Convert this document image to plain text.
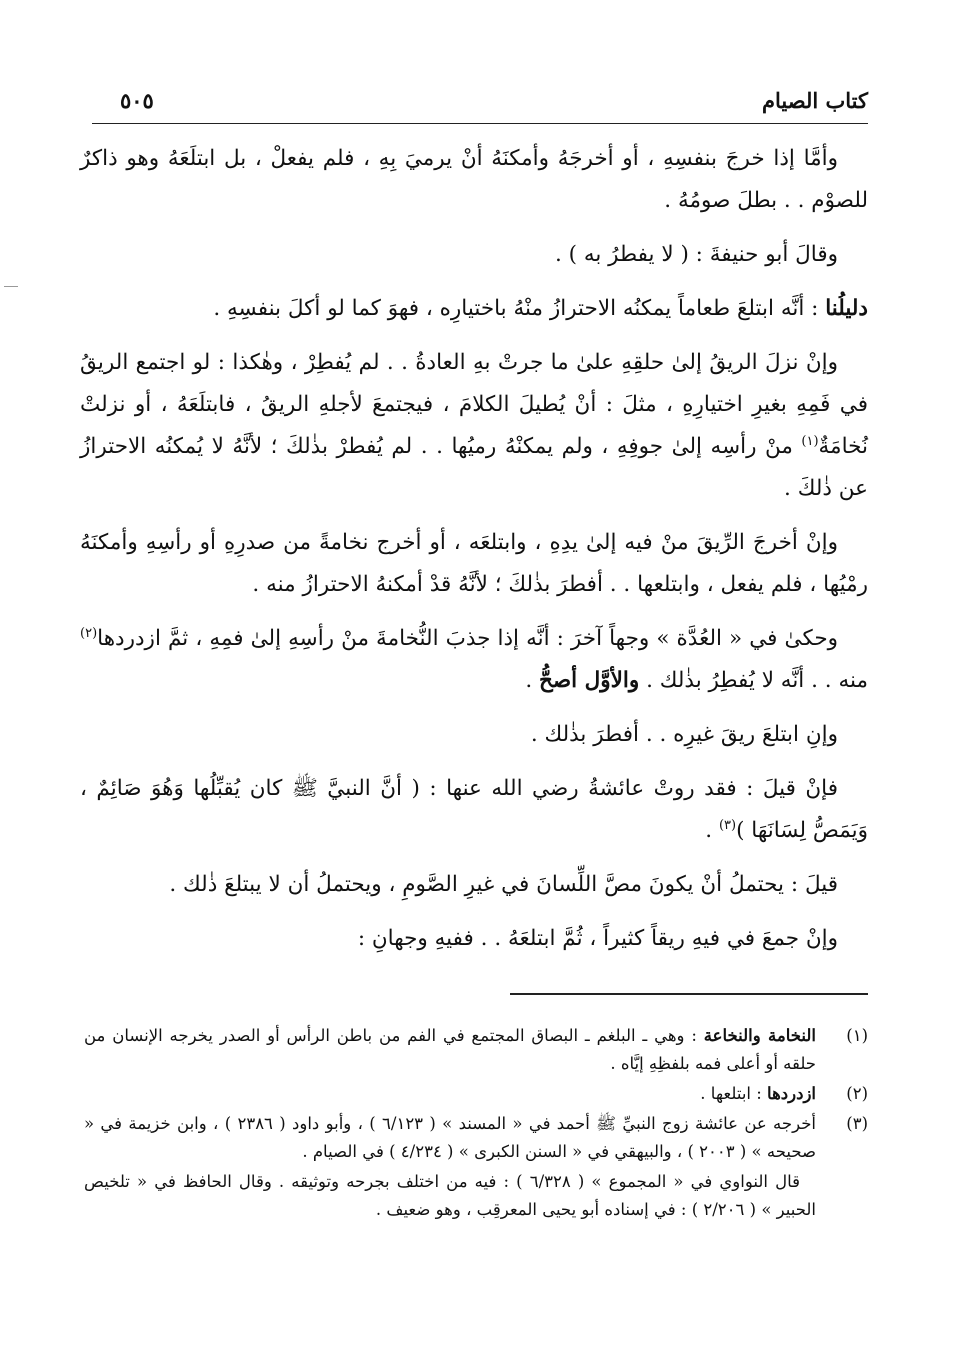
كتاب الصيام
٥٠٥

وأمَّا إذا خرجَ بنفسِهِ ، أو أخرجَهُ وأمكنَهُ أنْ يرميَ بِهِ ، فلم يفعلْ ، بل ابتلَعَهُ وهو ذاكرٌ للصوْم . . بطلَ صومُهُ .

وقالَ أبو حنيفةَ : ( لا يفطرُ به ) .

دليلُنا : أنَّه ابتلعَ طعاماً يمكنُه الاحترازُ منْهُ باختيارِه ، فهوَ كما لو أكلَ بنفسِهِ .

وإنْ نزلَ الريقُ إلىٰ حلقِهِ علىٰ ما جرتْ بهِ العادةُ . . لم يُفطِرْ ، وهٰكذا : لو اجتمع الريقُ في فَمِهِ بغيرِ اختيارِهِ ، مثلَ : أنْ يُطيلَ الكلامَ ، فيجتمعَ لأجلهِ الريقُ ، فابتلَعَهُ ، أو نزلتْ نُخامَةٌ$^{(١)}$ منْ رأسِه إلىٰ جوفِهِ ، ولم يمكنْهُ رميُها . . لم يُفطرْ بذٰلكَ ؛ لأنَّهُ لا يُمكنُه الاحترازُ عن ذٰلكَ .

وإنْ أخرجَ الرِّيقَ منْ فيه إلىٰ يدِهِ ، وابتلعَه ، أو أخرج نخامةً من صدرِهِ أو رأسِهِ وأمكنَهُ رمْيُها ، فلم يفعل ، وابتلعها . . أفطرَ بذٰلكَ ؛ لأنَّهُ قدْ أمكنهُ الاحترازُ منه .

وحكىٰ في « العُدَّة » وجهاً آخرَ : أنَّه إذا جذبَ النُّخامةَ منْ رأسِهِ إلىٰ فمِهِ ، ثمَّ ازدردها$^{(٢)}$ منه . . أنَّه لا يُفطِرُ بذٰلك . والأوَّل أصحُّ .

وإنِ ابتلعَ ريقَ غيرِه . . أفطرَ بذٰلك .

فإنْ قيلَ : فقد روتْ عائشةُ رضي الله عنها : ( أنَّ النبيَّ ﷺ كان يُقبِّلُها وَهُوَ صَائِمٌ ، وَيَمَصُّ لِسَانَهَا )$^{(٣)}$ .

قيلَ : يحتملُ أنْ يكونَ مصَّ اللِّسانَ في غيرِ الصَّومِ ، ويحتملُ أن لا يبتلعَ ذٰلك .

وإنْ جمعَ في فيهِ ريقاً كثيراً ، ثُمَّ ابتلعَهُ . . ففيهِ وجهانِ :

(١)
النخامة والنخاعة : وهي ـ البلغم ـ البصاق المجتمع في الفم من باطن الرأس أو الصدر يخرجه الإنسان من حلقه أو أعلى فمه بلفظِهِ إيَّاه .
(٢)
ازدردها : ابتلعها .
(٣)
أخرجه عن عائشة زوج النبيِّ ﷺ أحمد في « المسند » ( ٦/١٢٣ ) ، وأبو داود ( ٢٣٨٦ ) ، وابن خزيمة في « صحيحه » ( ٢٠٠٣ ) ، والبيهقي في « السنن الكبرى » ( ٤/٢٣٤ ) في الصيام .

قال النواوي في « المجموع » ( ٦/٣٢٨ ) : فيه من اختلف بجرحه وتوثيقه . وقال الحافظ في « تلخيص الحبير » ( ٢/٢٠٦ ) : في إسناده أبو يحيى المعرقِب ، وهو ضعيف .
